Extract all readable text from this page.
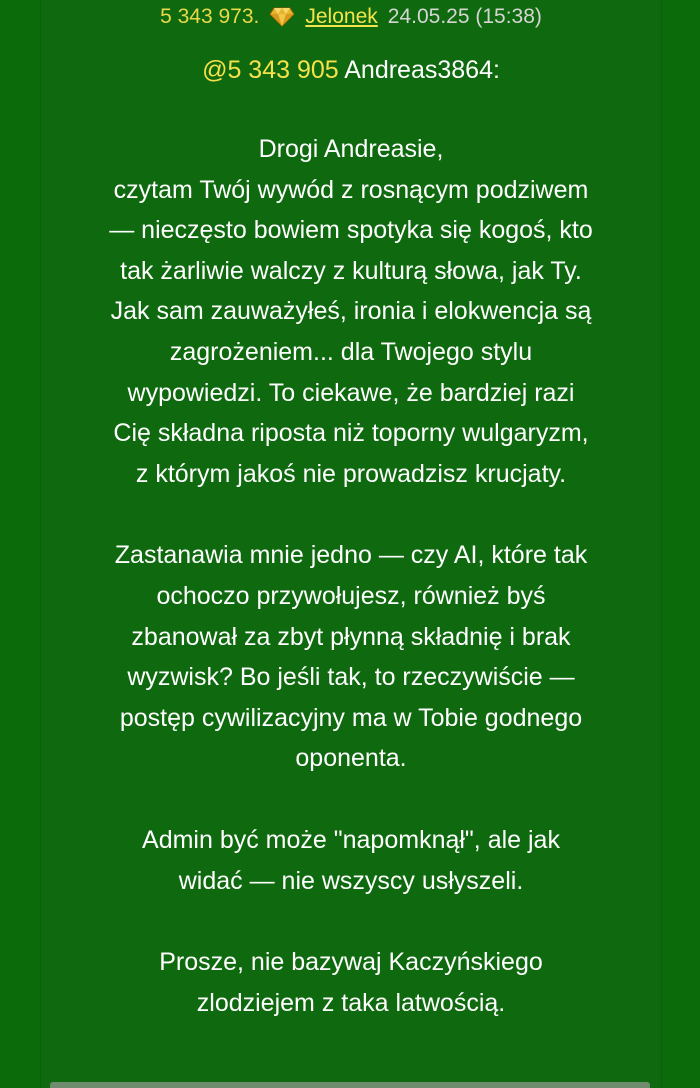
5 343 973. Jelonek 24.05.25 (15:38)
@5 343 905 Andreas3864:

Drogi Andreasie,
czytam Twój wywód z rosnącym podziwem
— nieczęsto bowiem spotyka się kogoś, kto
tak żarliwie walczy z kulturą słowa, jak Ty.
Jak sam zauważyłeś, ironia i elokwencja są
zagrożeniem... dla Twojego stylu
wypowiedzi. To ciekawe, że bardziej razi
Cię składna riposta niż toporny wulgaryzm,
z którym jakoś nie prowadzisz krucjaty.

Zastanawia mnie jedno — czy AI, które tak
ochoczo przywołujesz, również byś
zbanował za zbyt płynną składnię i brak
wyzwisk? Bo jeśli tak, to rzeczywiście —
postęp cywilizacyjny ma w Tobie godnego
oponenta.

Admin być może "napomknął", ale jak
widać — nie wszyscy usłyszeli.

Prosze, nie bazywaj Kaczyńskiego
zlodziejem z taka latwością.
